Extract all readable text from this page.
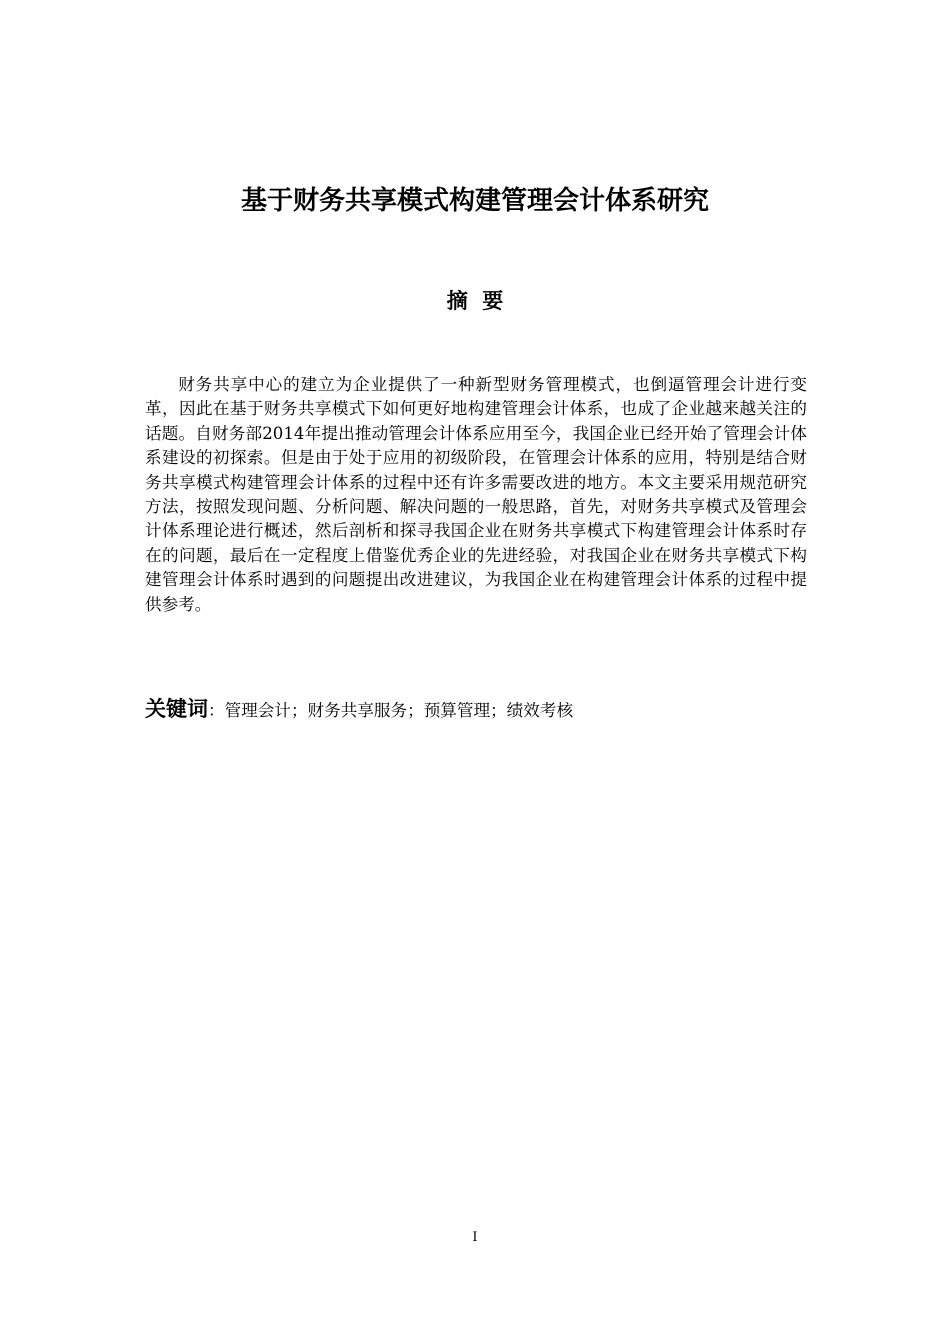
基于财务共享模式构建管理会计体系研究
摘  要

财务共享中心的建立为企业提供了一种新型财务管理模式，也倒逼管理会计进行变革，因此在基于财务共享模式下如何更好地构建管理会计体系，也成了企业越来越关注的话题。自财务部2014年提出推动管理会计体系应用至今，我国企业已经开始了管理会计体系建设的初探索。但是由于处于应用的初级阶段，在管理会计体系的应用，特别是结合财务共享模式构建管理会计体系的过程中还有许多需要改进的地方。本文主要采用规范研究方法，按照发现问题、分析问题、解决问题的一般思路，首先，对财务共享模式及管理会计体系理论进行概述，然后剖析和探寻我国企业在财务共享模式下构建管理会计体系时存在的问题，最后在一定程度上借鉴优秀企业的先进经验，对我国企业在财务共享模式下构建管理会计体系时遇到的问题提出改进建议，为我国企业在构建管理会计体系的过程中提供参考。

关键词：管理会计；财务共享服务；预算管理；绩效考核

I
